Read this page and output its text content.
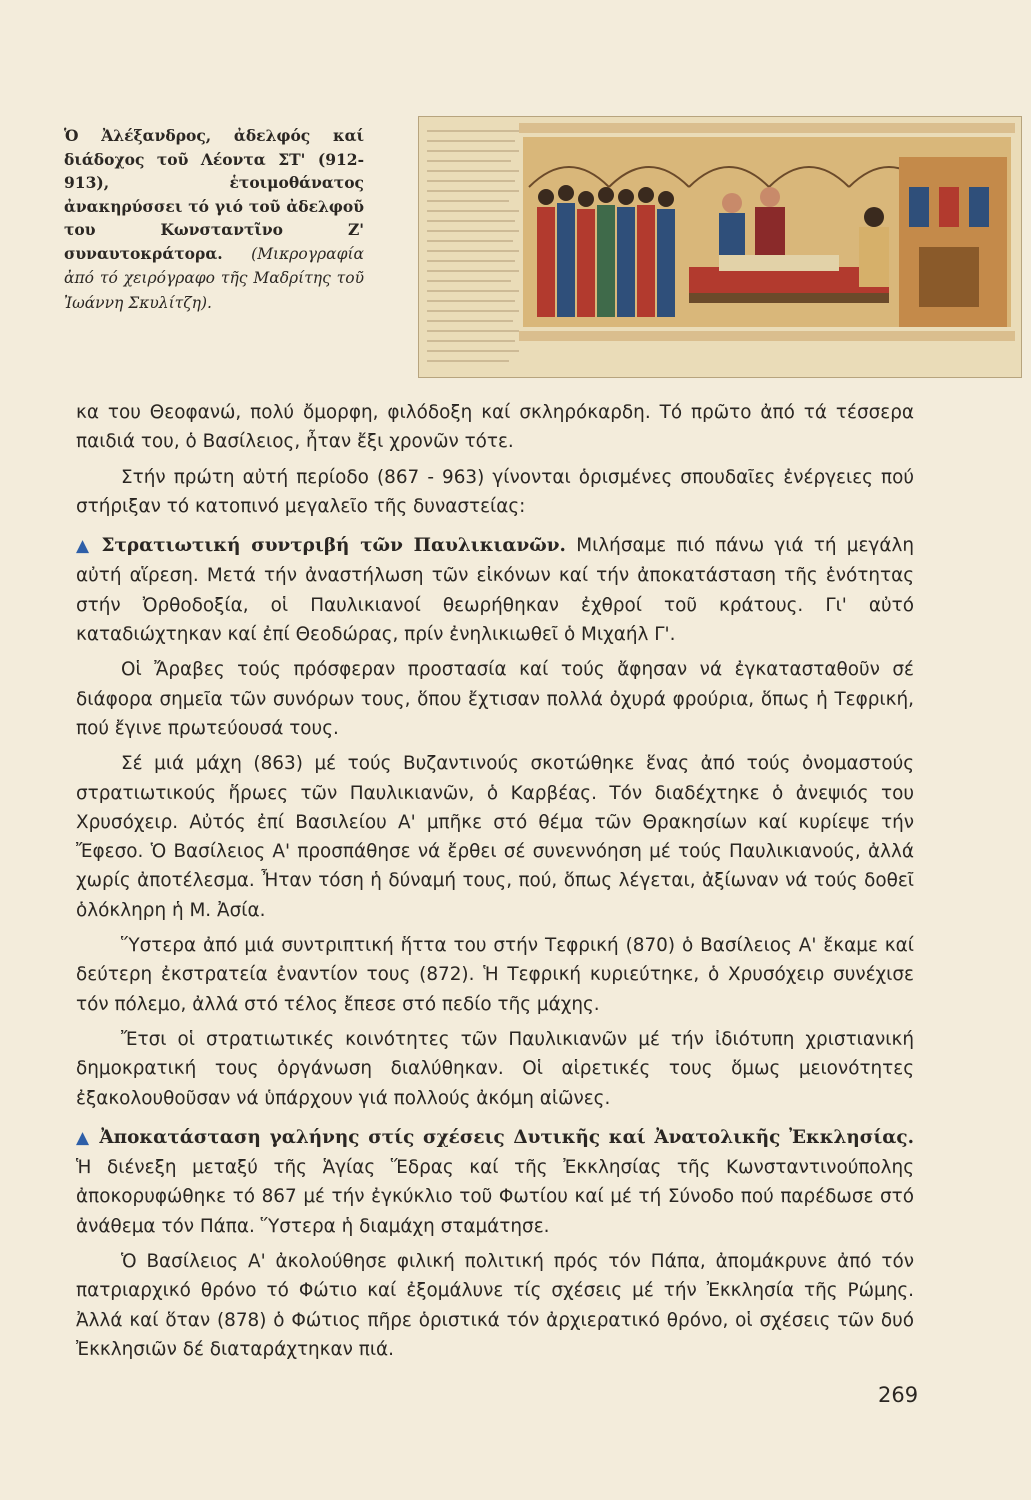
Ὁ Ἀλέξανδρος, ἀδελφός καί διάδοχος τοῦ Λέοντα ΣΤ' (912-913), ἑτοιμοθάνατος ἀνακηρύσσει τό γιό τοῦ ἀδελφοῦ του Κωνσταντῖνο Ζ' συναυτοκράτορα. (Μικρογραφία ἀπό τό χειρόγραφο τῆς Μαδρίτης τοῦ Ἰωάννη Σκυλίτζη).

κα του Θεοφανώ, πολύ ὄμορφη, φιλόδοξη καί σκληρόκαρδη. Τό πρῶτο ἀπό τά τέσσερα παιδιά του, ὁ Βασίλειος, ἦταν ἔξι χρονῶν τότε.

Στήν πρώτη αὐτή περίοδο (867 - 963) γίνονται ὁρισμένες σπουδαῖες ἐνέργειες πού στήριξαν τό κατοπινό μεγαλεῖο τῆς δυναστείας:

▲ Στρατιωτική συντριβή τῶν Παυλικιανῶν. Μιλήσαμε πιό πάνω γιά τή μεγάλη αὐτή αἵρεση. Μετά τήν ἀναστήλωση τῶν εἰκόνων καί τήν ἀποκατάσταση τῆς ἑνότητας στήν Ὀρθοδοξία, οἱ Παυλικιανοί θεωρήθηκαν ἐχθροί τοῦ κράτους. Γι' αὐτό καταδιώχτηκαν καί ἐπί Θεοδώρας, πρίν ἐνηλικιωθεῖ ὁ Μιχαήλ Γ'.

Οἱ Ἄραβες τούς πρόσφεραν προστασία καί τούς ἄφησαν νά ἐγκατασταθοῦν σέ διάφορα σημεῖα τῶν συνόρων τους, ὅπου ἔχτισαν πολλά ὀχυρά φρούρια, ὅπως ἡ Τεφρική, πού ἔγινε πρωτεύουσά τους.

Σέ μιά μάχη (863) μέ τούς Βυζαντινούς σκοτώθηκε ἕνας ἀπό τούς ὀνομαστούς στρατιωτικούς ἥρωες τῶν Παυλικιανῶν, ὁ Καρβέας. Τόν διαδέχτηκε ὁ ἀνεψιός του Χρυσόχειρ. Αὐτός ἐπί Βασιλείου Α' μπῆκε στό θέμα τῶν Θρακησίων καί κυρίεψε τήν Ἔφεσο. Ὁ Βασίλειος Α' προσπάθησε νά ἔρθει σέ συνεννόηση μέ τούς Παυλικιανούς, ἀλλά χωρίς ἀποτέλεσμα. Ἦταν τόση ἡ δύναμή τους, πού, ὅπως λέγεται, ἀξίωναν νά τούς δοθεῖ ὁλόκληρη ἡ Μ. Ἀσία.

Ὕστερα ἀπό μιά συντριπτική ἥττα του στήν Τεφρική (870) ὁ Βασίλειος Α' ἔκαμε καί δεύτερη ἐκστρατεία ἐναντίον τους (872). Ἡ Τεφρική κυριεύτηκε, ὁ Χρυσόχειρ συνέχισε τόν πόλεμο, ἀλλά στό τέλος ἔπεσε στό πεδίο τῆς μάχης.

Ἔτσι οἱ στρατιωτικές κοινότητες τῶν Παυλικιανῶν μέ τήν ἰδιότυπη χριστιανική δημοκρατική τους ὀργάνωση διαλύθηκαν. Οἱ αἱρετικές τους ὅμως μειονότητες ἐξακολουθοῦσαν νά ὑπάρχουν γιά πολλούς ἀκόμη αἰῶνες.

▲ Ἀποκατάσταση γαλήνης στίς σχέσεις Δυτικῆς καί Ἀνατολικῆς Ἐκκλησίας. Ἡ διένεξη μεταξύ τῆς Ἁγίας Ἕδρας καί τῆς Ἐκκλησίας τῆς Κωνσταντινούπολης ἀποκορυφώθηκε τό 867 μέ τήν ἐγκύκλιο τοῦ Φωτίου καί μέ τή Σύνοδο πού παρέδωσε στό ἀνάθεμα τόν Πάπα. Ὕστερα ἡ διαμάχη σταμάτησε.

Ὁ Βασίλειος Α' ἀκολούθησε φιλική πολιτική πρός τόν Πάπα, ἀπομάκρυνε ἀπό τόν πατριαρχικό θρόνο τό Φώτιο καί ἐξομάλυνε τίς σχέσεις μέ τήν Ἐκκλησία τῆς Ρώμης. Ἀλλά καί ὅταν (878) ὁ Φώτιος πῆρε ὁριστικά τόν ἀρχιερατικό θρόνο, οἱ σχέσεις τῶν δυό Ἐκκλησιῶν δέ διαταράχτηκαν πιά.

269
